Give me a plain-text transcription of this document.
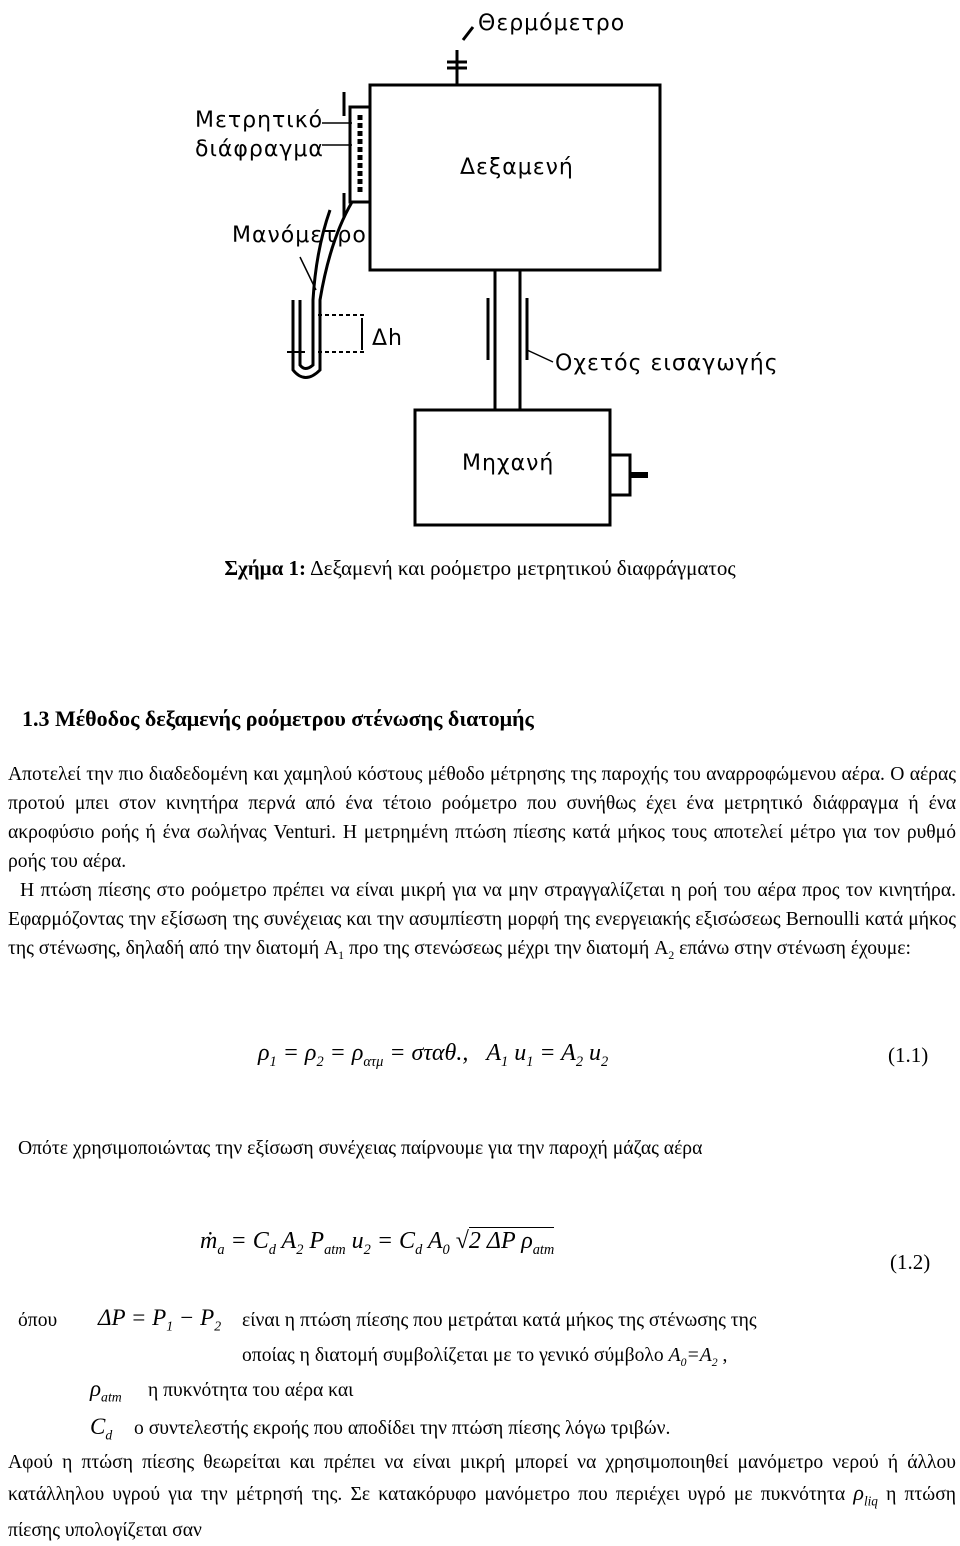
Θερμόμετρο
Μετρητικό
διάφραγμα
Δεξαμενή
Μανόμετρο
Δh
Οχετός εισαγωγής
Μηχανή
Σχήμα 1: Δεξαμενή και ροόμετρο μετρητικού διαφράγματος
1.3 Μέθοδος δεξαμενής ροόμετρου στένωσης διατομής
Αποτελεί την πιο διαδεδομένη και χαμηλού κόστους μέθοδο μέτρησης της παροχής του αναρροφώμενου αέρα. Ο αέρας προτού μπει στον κινητήρα περνά από ένα τέτοιο ροόμετρο που συνήθως έχει ένα μετρητικό διάφραγμα ή ένα ακροφύσιο ροής ή ένα σωλήνας Venturi. Η μετρημένη πτώση πίεσης κατά μήκος τους αποτελεί μέτρο για τον ρυθμό ροής του αέρα.
Η πτώση πίεσης στο ροόμετρο πρέπει να είναι μικρή για να μην στραγγαλίζεται η ροή του αέρα προς τον κινητήρα. Εφαρμόζοντας την εξίσωση της συνέχειας και την ασυμπίεστη μορφή της ενεργειακής εξισώσεως Bernoulli κατά μήκος της στένωσης, δηλαδή από την διατομή $A_1$ προ της στενώσεως μέχρι την διατομή $A_2$ επάνω στην στένωση έχουμε:
$\rho_1 = \rho_2 = \rho_{\alpha\tau\mu} = \sigma\tau\alpha\theta$.,   $A_1$ $u_1 = A_2$ $u_2$	(1.1)
Οπότε χρησιμοποιώντας την εξίσωση συνέχειας παίρνουμε για την παροχή μάζας αέρα
ṁ$_a$ = $C_d$ $A_2$ $P_{atm}$ $u_2 = C_d$ $A_0$ √2 ΔP $\rho_{atm}$
(1.2)
όπου $\Delta P = P_1 - P_2$ είναι η πτώση πίεσης που μετράται κατά μήκος της στένωσης της
οποίας η διατομή συμβολίζεται με το γενικό σύμβολο $A_0=A_2$ ,
$\rho_{atm}$ η πυκνότητα του αέρα και
$C_d$ ο συντελεστής εκροής που αποδίδει την πτώση πίεσης λόγω τριβών.
Αφού η πτώση πίεσης θεωρείται και πρέπει να είναι μικρή μπορεί να χρησιμοποιηθεί μανόμετρο νερού ή άλλου κατάλληλου υγρού για την μέτρησή της. Σε κατακόρυφο μανόμετρο που περιέχει υγρό με πυκνότητα $\rho_{liq}$ η πτώση πίεσης υπολογίζεται σαν
